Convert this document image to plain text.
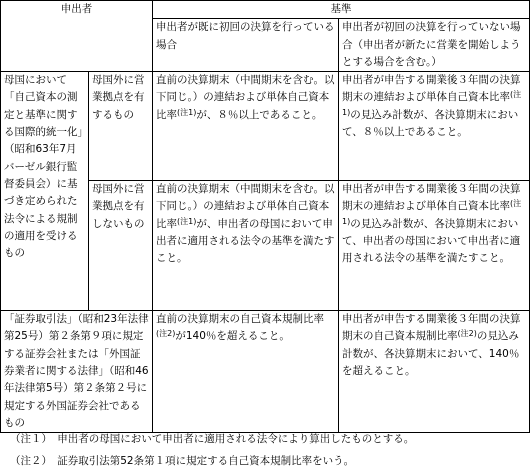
申出者		基準	
		申出者が既に初回の決算を行っている場合	申出者が初回の決算を行っていない場合（申出者が新たに営業を開始しようとする場合を含む。）
母国において「自己資本の測定と基準に関する国際的統一化」（昭和63年7月バーゼル銀行監督委員会）に基づき定められた法令による規制の適用を受けるもの	母国外に営業拠点を有するもの	直前の決算期末（中間期末を含む。以下同じ。）の連結および単体自己資本比率$^{(注1)}$が、８％以上であること。	申出者が申告する開業後３年間の決算期末の連結および単体自己資本比率$^{(注1)}$の見込み計数が、各決算期末において、８％以上であること。
	母国外に営業拠点を有しないもの	直前の決算期末（中間期末を含む。以下同じ。）の連結および単体自己資本比率$^{(注1)}$が、申出者の母国において申出者に適用される法令の基準を満たすこと。	申出者が申告する開業後３年間の決算期末の連結および単体自己資本比率$^{(注1)}$の見込み計数が、各決算期末において、申出者の母国において申出者に適用される法令の基準を満たすこと。
「証券取引法」（昭和23年法律第25号）第２条第９項に規定する証券会社または「外国証券業者に関する法律」（昭和46年法律第5号）第２条第２号に規定する外国証券会社であるもの		直前の決算期末の自己資本規制比率$^{(注2)}$が140％を超えること。	申出者が申告する開業後３年間の決算期末の自己資本規制比率$^{(注2)}$の見込み計数が、各決算期末において、140％を超えること。
（注１）　申出者の母国において申出者に適用される法令により算出したものとする。
（注２）　証券取引法第52条第１項に規定する自己資本規制比率をいう。
